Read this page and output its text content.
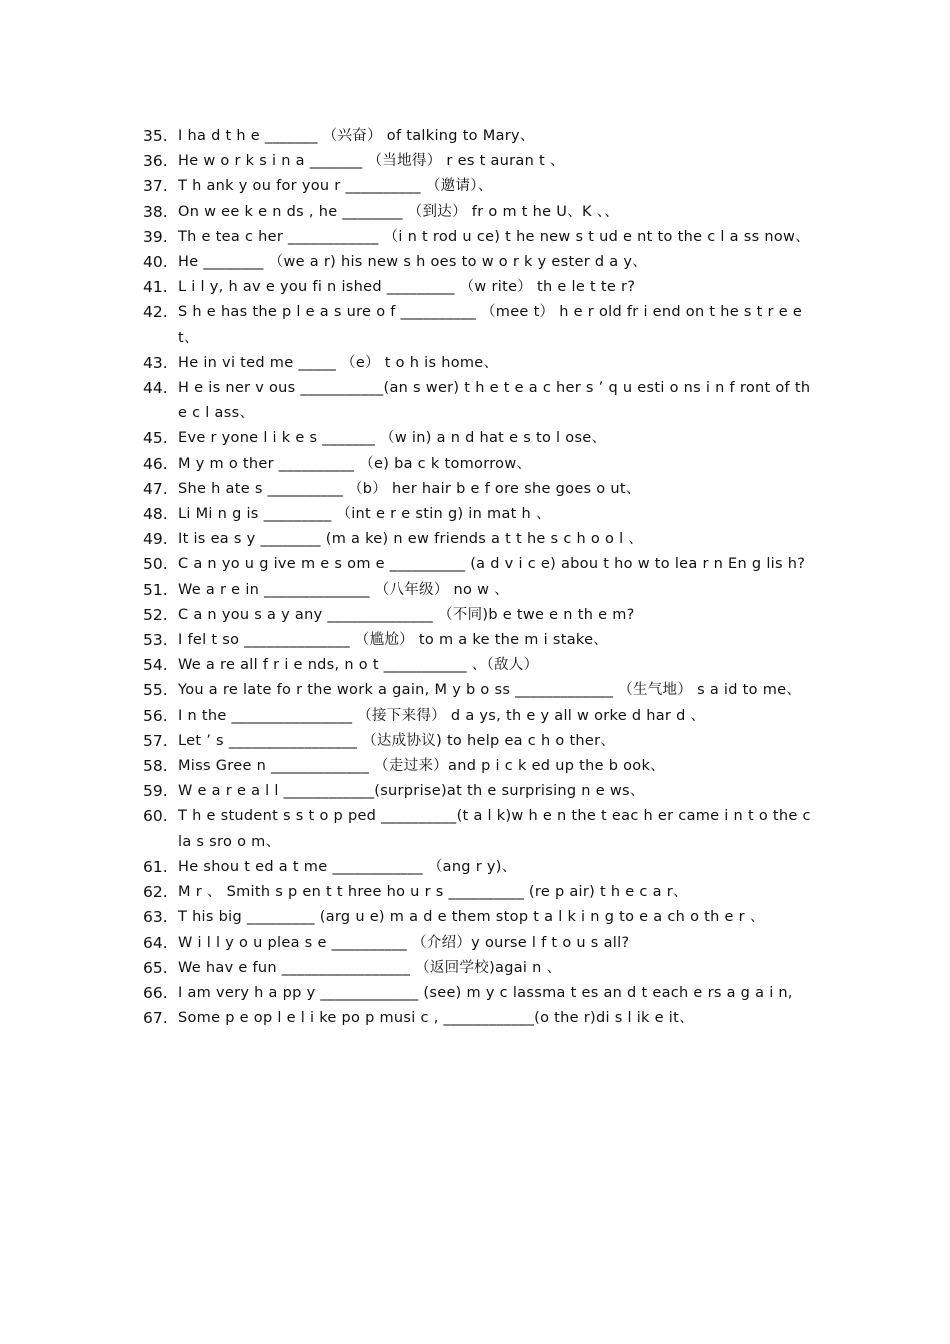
35. I ha d t h e _______ （兴奋） of talking to Mary、
36. He w o r k s i n a _______ （当地得） r es t auran t 、
37. T h ank y ou for you r __________ （邀请）、
38. On w ee k e n ds , he ________ （到达） fr o m t he U、K 、、
39. Th e tea c her ____________ （i n t rod u ce) t he new s t ud e nt to the c l a ss now、
40. He ________ （we a r) his new s h oes to w o r k y ester d a y、
41. L i l y, h av e you fi n ished _________ （w rite） th e le t te r?
42. S h e has the p l e a s ure o f __________ （mee t） h e r old fr i end on t he s t r e et、
43. He in vi ted me _____ （e） t o h is home、
44. H e is ner v ous ___________(an s wer) t h e t e a c her s ’ q u esti o ns i n f ront of the c l ass、
45. Eve r yone l i k e s _______ （w in) a n d hat e s to l ose、
46. M y m o ther __________ （e) ba c k tomorrow、
47. She h ate s __________ （b） her hair b e f ore she goes o ut、
48. Li Mi n g is _________ （int e r e stin g) in mat h 、
49. It is ea s y ________ (m a ke) n ew friends a t t he s c h o o l 、
50. C a n yo u g ive m e s om e __________ (a d v i c e) abou t ho w to lea r n En g lis h?
51. We a r e in ______________ （八年级） no w 、
52. C a n you s a y any ______________ （不同)b e twe e n th e m?
53. I fel t so ______________ （尴尬） to m a ke the m i stake、
54. We a re all f r i e nds, n o t ___________ 、（敌人）
55. You a re late fo r the work a gain, M y b o ss _____________ （生气地） s a id to me、
56. I n the ________________ （接下来得） d a ys, th e y all w orke d har d 、
57. Let ’ s _________________ （达成协议) to help ea c h o ther、
58. Miss Gree n _____________ （走过来）and p i c k ed up the b ook、
59. W e a r e a l l ____________(surprise)at th e surprising n e ws、
60. T h e student s s t o p ped __________(t a l k)w h e n the t eac h er came i n t o the cla s sro o m、
61. He shou t ed a t me ____________ （ang r y)、
62. M r 、 Smith s p en t t hree ho u r s __________ (re p air) t h e c a r、
63. T his big _________ (arg u e) m a d e them stop t a l k i n g to e a ch o th e r 、
64. W i l l y o u plea s e __________ （介绍）y ourse l f t o u s all?
65. We hav e fun _________________ （返回学校)agai n 、
66. I am very h a pp y _____________ (see) m y c lassma t es an d t each e rs a g a i n,
67. Some p e op l e l i ke po p musi c , ____________(o the r)di s l ik e it、
